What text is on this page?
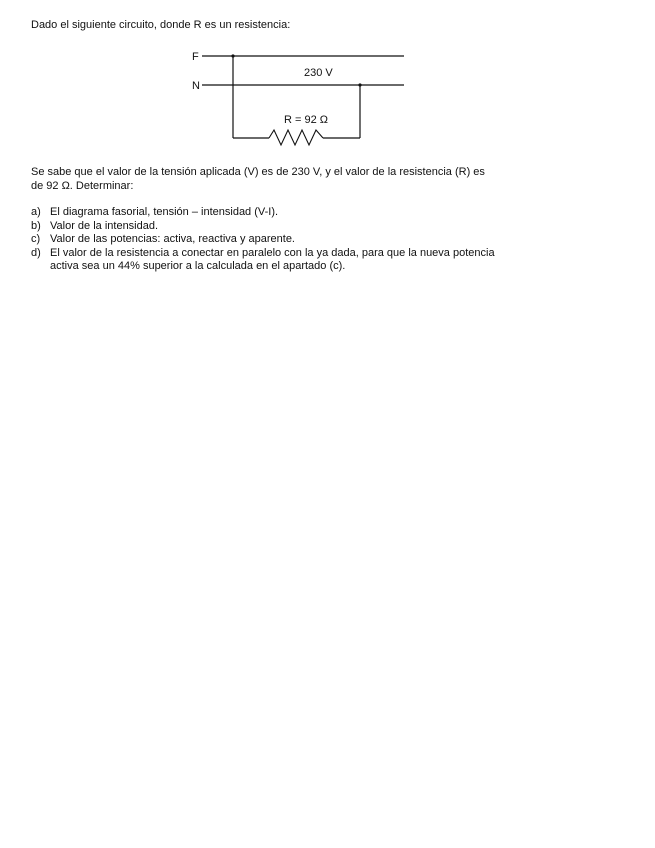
Dado el siguiente circuito, donde R es un resistencia:
F
N
230 V
R = 92 Ω
Se sabe que el valor de la tensión aplicada (V) es de 230 V, y el valor de la resistencia (R) es
de 92 Ω. Determinar:
a) El diagrama fasorial, tensión – intensidad (V-I).
b) Valor de la intensidad.
c) Valor de las potencias: activa, reactiva y aparente.
d) El valor de la resistencia a conectar en paralelo con la ya dada, para que la nueva potencia
activa sea un 44% superior a la calculada en el apartado (c).
